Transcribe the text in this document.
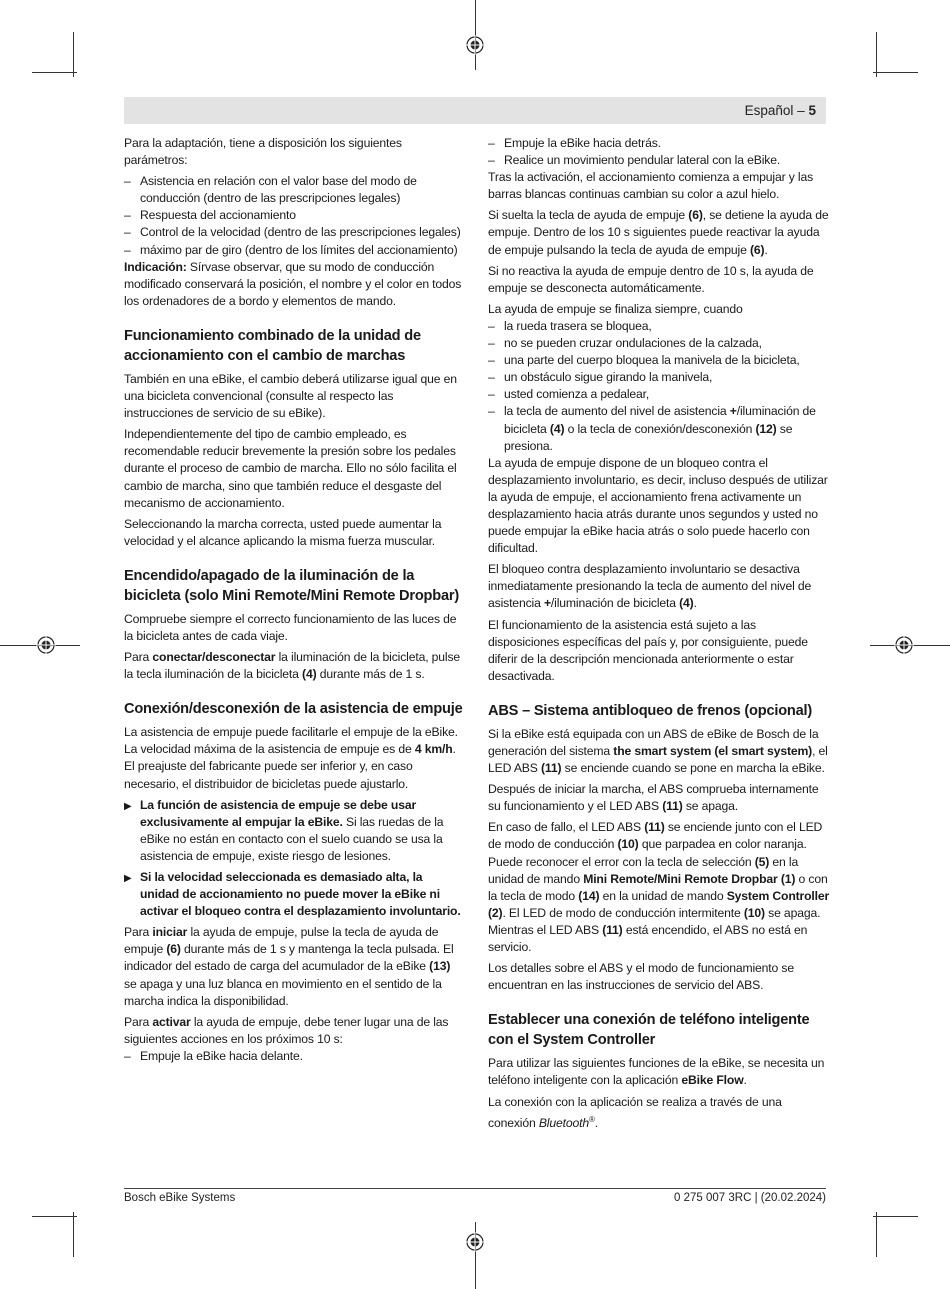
Español – 5

Para la adaptación, tiene a disposición los siguientes parámetros:

– Asistencia en relación con el valor base del modo de conducción (dentro de las prescripciones legales)
– Respuesta del accionamiento
– Control de la velocidad (dentro de las prescripciones legales)
– máximo par de giro (dentro de los límites del accionamiento)

Indicación: Sírvase observar, que su modo de conducción modificado conservará la posición, el nombre y el color en todos los ordenadores de a bordo y elementos de mando.

Funcionamiento combinado de la unidad de accionamiento con el cambio de marchas

También en una eBike, el cambio deberá utilizarse igual que en una bicicleta convencional (consulte al respecto las instrucciones de servicio de su eBike).

Independientemente del tipo de cambio empleado, es recomendable reducir brevemente la presión sobre los pedales durante el proceso de cambio de marcha. Ello no sólo facilita el cambio de marcha, sino que también reduce el desgaste del mecanismo de accionamiento.

Seleccionando la marcha correcta, usted puede aumentar la velocidad y el alcance aplicando la misma fuerza muscular.

Encendido/apagado de la iluminación de la bicicleta (solo Mini Remote/Mini Remote Dropbar)

Compruebe siempre el correcto funcionamiento de las luces de la bicicleta antes de cada viaje.

Para conectar/desconectar la iluminación de la bicicleta, pulse la tecla iluminación de la bicicleta (4) durante más de 1 s.

Conexión/desconexión de la asistencia de empuje

La asistencia de empuje puede facilitarle el empuje de la eBike. La velocidad máxima de la asistencia de empuje es de 4 km/h. El preajuste del fabricante puede ser inferior y, en caso necesario, el distribuidor de bicicletas puede ajustarlo.

▶ La función de asistencia de empuje se debe usar exclusivamente al empujar la eBike. Si las ruedas de la eBike no están en contacto con el suelo cuando se usa la asistencia de empuje, existe riesgo de lesiones.
▶ Si la velocidad seleccionada es demasiado alta, la unidad de accionamiento no puede mover la eBike ni activar el bloqueo contra el desplazamiento involuntario.

Para iniciar la ayuda de empuje, pulse la tecla de ayuda de empuje (6) durante más de 1 s y mantenga la tecla pulsada. El indicador del estado de carga del acumulador de la eBike (13) se apaga y una luz blanca en movimiento en el sentido de la marcha indica la disponibilidad.

Para activar la ayuda de empuje, debe tener lugar una de las siguientes acciones en los próximos 10 s:

– Empuje la eBike hacia delante.
– Empuje la eBike hacia detrás.
– Realice un movimiento pendular lateral con la eBike.

Tras la activación, el accionamiento comienza a empujar y las barras blancas continuas cambian su color a azul hielo.

Si suelta la tecla de ayuda de empuje (6), se detiene la ayuda de empuje. Dentro de los 10 s siguientes puede reactivar la ayuda de empuje pulsando la tecla de ayuda de empuje (6).

Si no reactiva la ayuda de empuje dentro de 10 s, la ayuda de empuje se desconecta automáticamente.

La ayuda de empuje se finaliza siempre, cuando

– la rueda trasera se bloquea,
– no se pueden cruzar ondulaciones de la calzada,
– una parte del cuerpo bloquea la manivela de la bicicleta,
– un obstáculo sigue girando la manivela,
– usted comienza a pedalear,
– la tecla de aumento del nivel de asistencia +/iluminación de bicicleta (4) o la tecla de conexión/desconexión (12) se presiona.

La ayuda de empuje dispone de un bloqueo contra el desplazamiento involuntario, es decir, incluso después de utilizar la ayuda de empuje, el accionamiento frena activamente un desplazamiento hacia atrás durante unos segundos y usted no puede empujar la eBike hacia atrás o solo puede hacerlo con dificultad.

El bloqueo contra desplazamiento involuntario se desactiva inmediatamente presionando la tecla de aumento del nivel de asistencia +/iluminación de bicicleta (4).

El funcionamiento de la asistencia está sujeto a las disposiciones específicas del país y, por consiguiente, puede diferir de la descripción mencionada anteriormente o estar desactivada.

ABS – Sistema antibloqueo de frenos (opcional)

Si la eBike está equipada con un ABS de eBike de Bosch de la generación del sistema the smart system (el smart system), el LED ABS (11) se enciende cuando se pone en marcha la eBike.

Después de iniciar la marcha, el ABS comprueba internamente su funcionamiento y el LED ABS (11) se apaga.

En caso de fallo, el LED ABS (11) se enciende junto con el LED de modo de conducción (10) que parpadea en color naranja. Puede reconocer el error con la tecla de selección (5) en la unidad de mando Mini Remote/Mini Remote Dropbar (1) o con la tecla de modo (14) en la unidad de mando System Controller (2). El LED de modo de conducción intermitente (10) se apaga. Mientras el LED ABS (11) está encendido, el ABS no está en servicio.

Los detalles sobre el ABS y el modo de funcionamiento se encuentran en las instrucciones de servicio del ABS.

Establecer una conexión de teléfono inteligente con el System Controller

Para utilizar las siguientes funciones de la eBike, se necesita un teléfono inteligente con la aplicación eBike Flow.

La conexión con la aplicación se realiza a través de una conexión Bluetooth®.

Bosch eBike Systems	0 275 007 3RC | (20.02.2024)
